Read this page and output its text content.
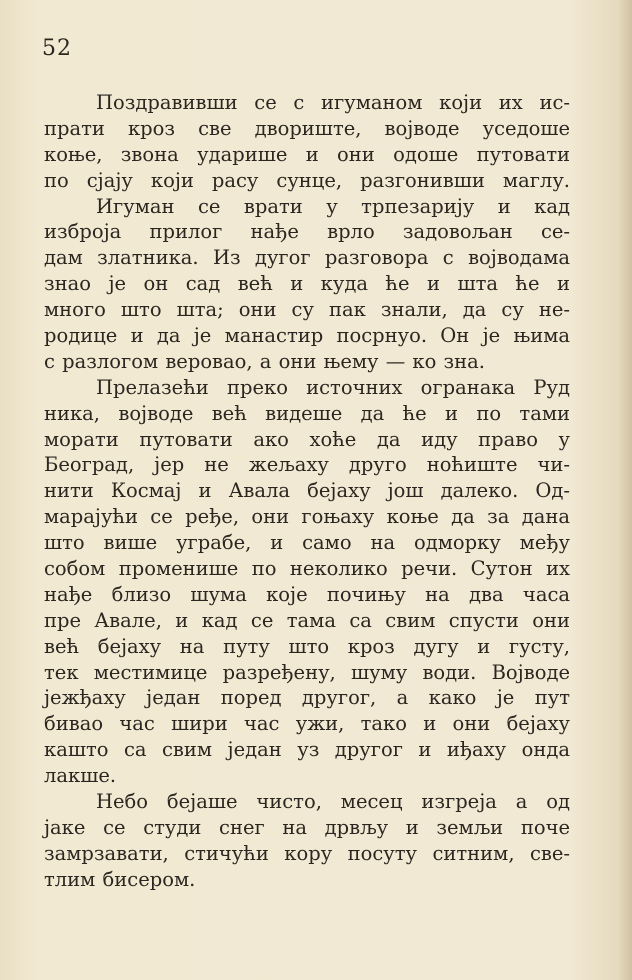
52
Поздравивши се с игуманом који их ис-
прати кроз све двориште, војводе уседоше
коње, звона ударише и они одоше путовати
по сјају који расу сунце, разгонивши маглу.
Игуман се врати у трпезарију и кад
изброја прилог нађе врло задовољан се-
дам златника. Из дугог разговора с војводама
знао је он сад већ и куда ће и шта ће и
много што шта; они су пак знали, да су не-
родице и да је манастир посрнуо. Он је њима
с разлогом веровао, а они њему — ко зна.
Прелазећи преко источних огранака Руд
ника, војводе већ видеше да ће и по тами
морати путовати ако хоће да иду право у
Београд, јер не жељаху друго ноћиште чи-
нити Космај и Авала бејаху још далеко. Од-
марајући се ређе, они гоњаху коње да за дана
што више уграбе, и само на одморку међу
собом променише по неколико речи. Сутон их
нађе близо шума које почињу на два часа
пре Авале, и кад се тама са свим спусти они
већ бејаху на путу што кроз дугу и густу,
тек местимице разређену, шуму води. Војводе
јежђаху један поред другог, а како је пут
бивао час шири час ужи, тако и они бејаху
кашто са свим један уз другог и иђаху онда
лакше.
Небо бејаше чисто, месец изгреја а од
јаке се студи снег на дрвљу и земљи поче
замрзавати, стичући кору посуту ситним, све-
тлим бисером.
